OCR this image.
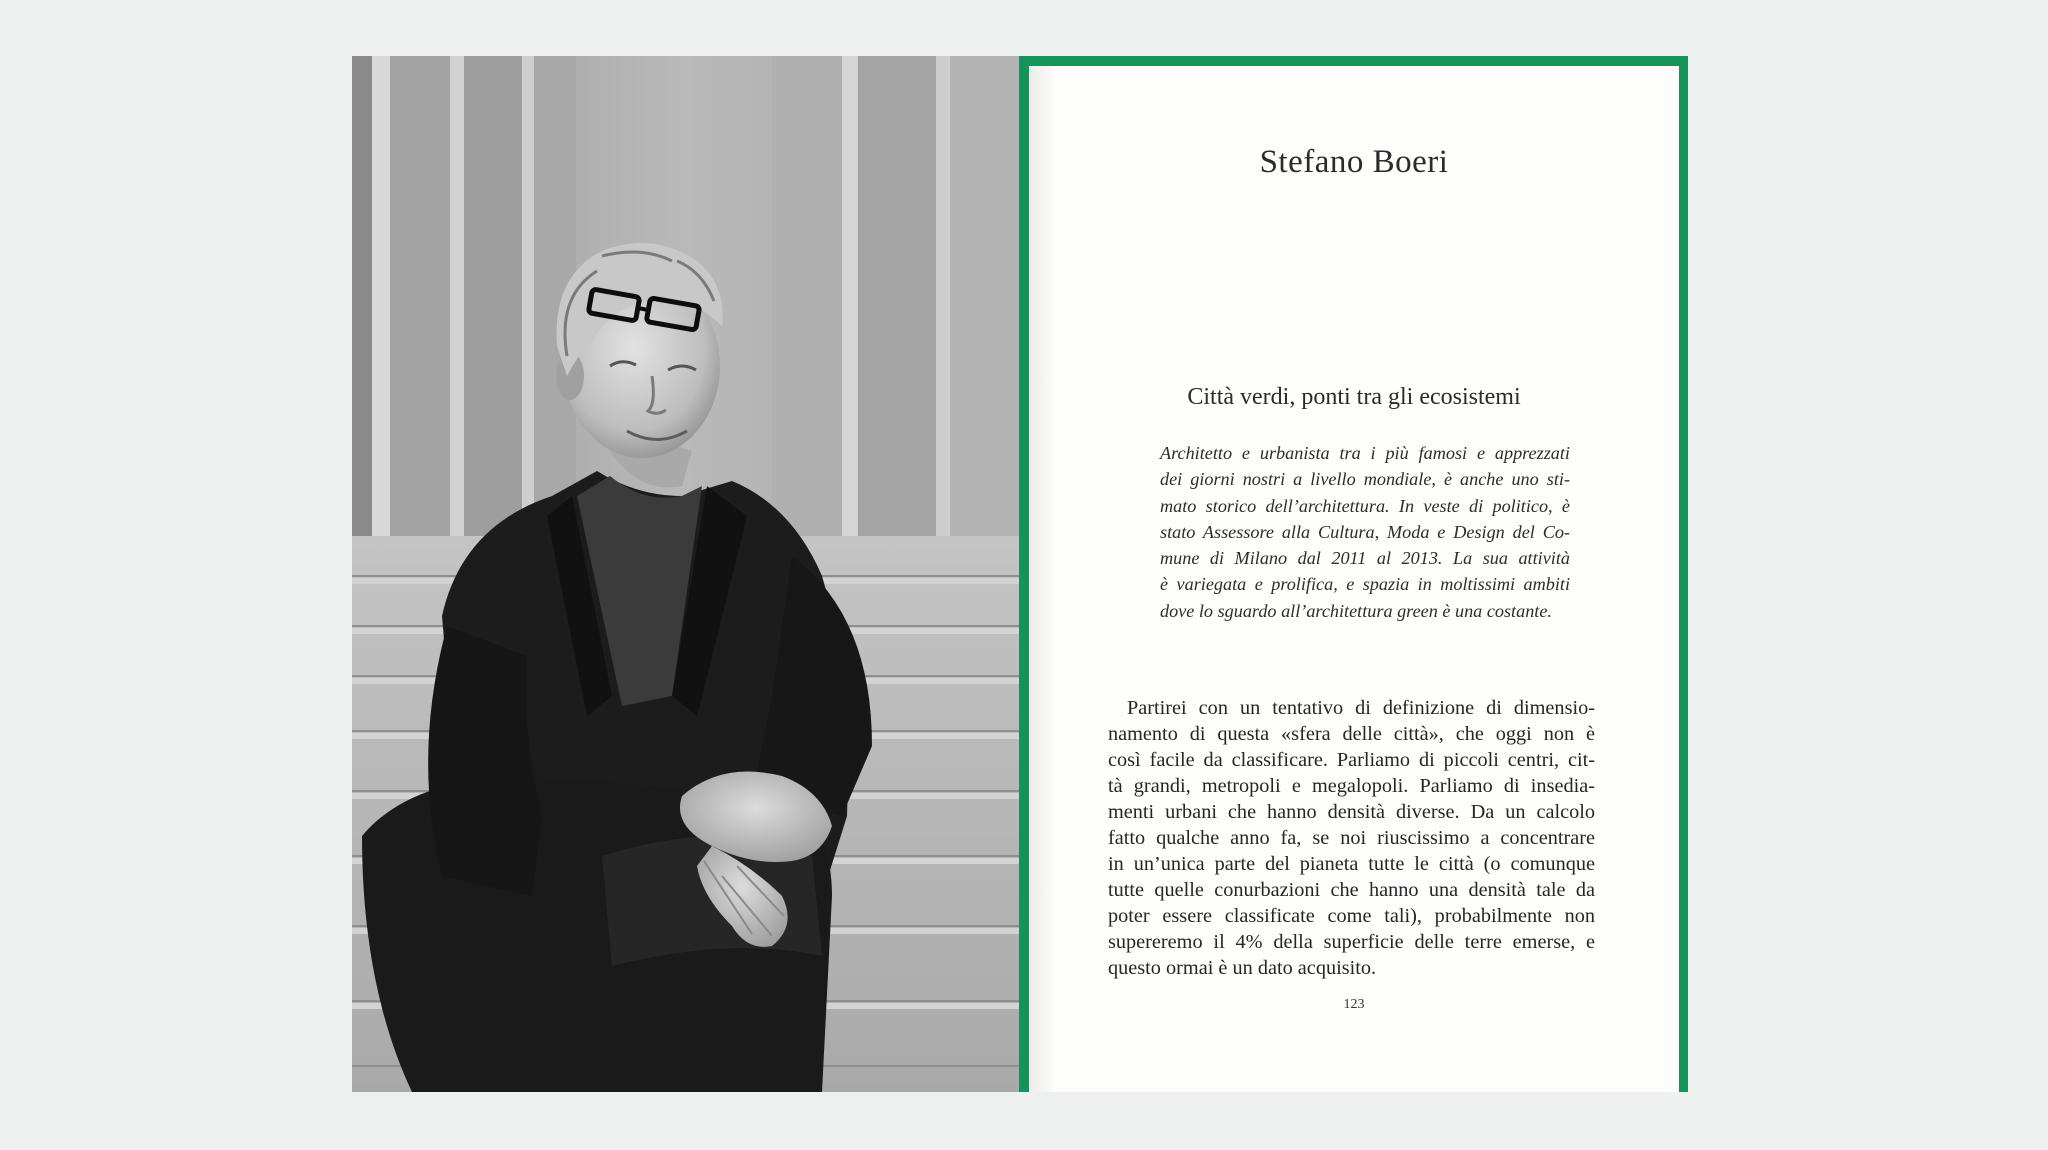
Stefano Boeri
Città verdi, ponti tra gli ecosistemi

Architetto e urbanista tra i più famosi e apprezzati
dei giorni nostri a livello mondiale, è anche uno sti-
mato storico dell’architettura. In veste di politico, è
stato Assessore alla Cultura, Moda e Design del Co-
mune di Milano dal 2011 al 2013. La sua attività
è variegata e prolifica, e spazia in moltissimi ambiti
dove lo sguardo all’architettura green è una costante.

Partirei con un tentativo di definizione di dimensio-
namento di questa «sfera delle città», che oggi non è
così facile da classificare. Parliamo di piccoli centri, cit-
tà grandi, metropoli e megalopoli. Parliamo di insedia-
menti urbani che hanno densità diverse. Da un calcolo
fatto qualche anno fa, se noi riuscissimo a concentrare
in un’unica parte del pianeta tutte le città (o comunque
tutte quelle conurbazioni che hanno una densità tale da
poter essere classificate come tali), probabilmente non
supereremo il 4% della superficie delle terre emerse, e
questo ormai è un dato acquisito.

123
